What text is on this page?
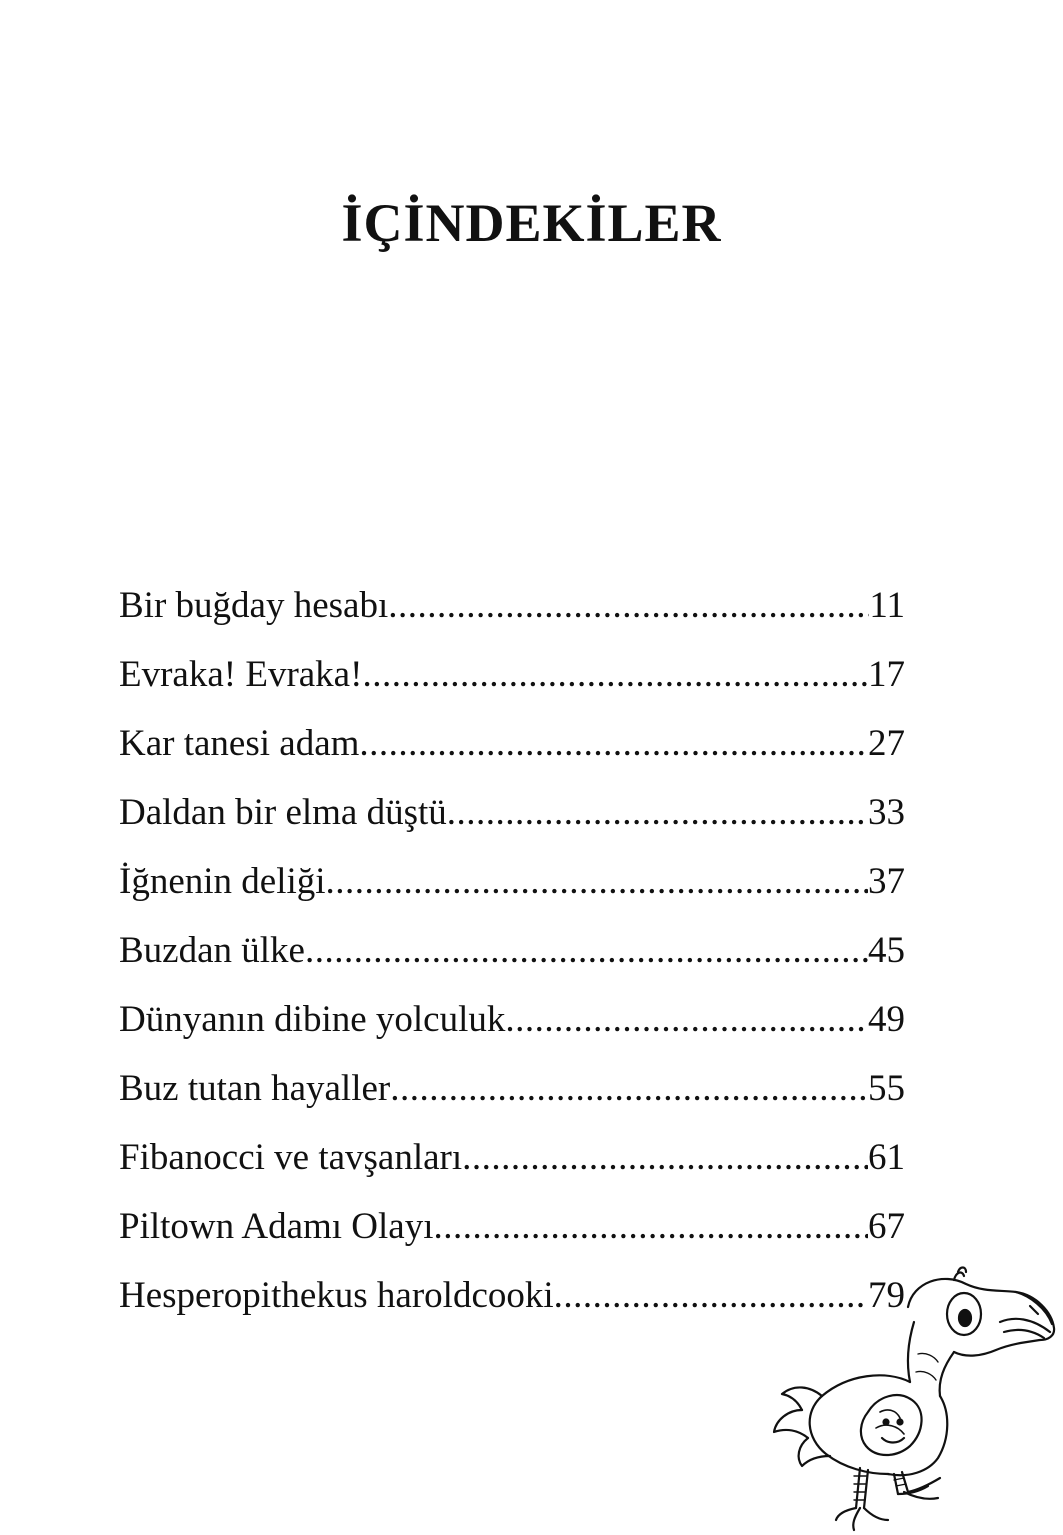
İÇİNDEKİLER
Bir buğday hesabı .....	11
Evraka! Evraka! .....	17
Kar tanesi adam .....	27
Daldan bir elma düştü .....	33
İğnenin deliği .....	37
Buzdan ülke .....	45
Dünyanın dibine yolculuk .....	49
Buz tutan hayaller .....	55
Fibanocci ve tavşanları .....	61
Piltown Adamı Olayı .....	67
Hesperopithekus haroldcooki .....	79
